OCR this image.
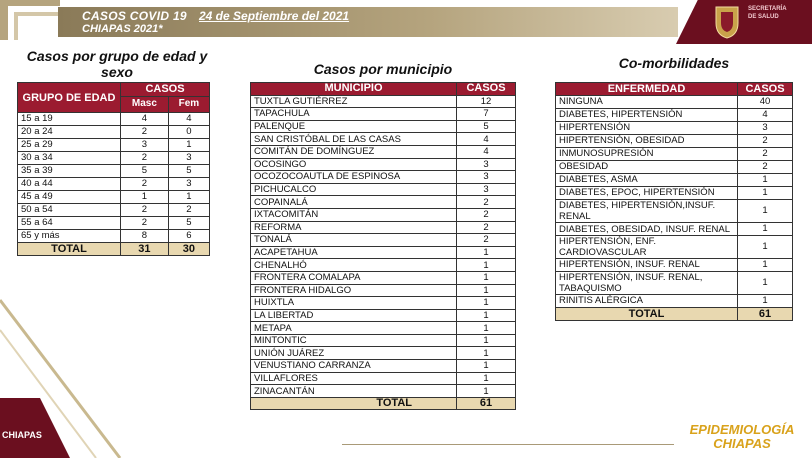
CASOS COVID 19 24 de Septiembre del 2021
CHIAPAS 2021*
SECRETARÍA
DE SALUD
Casos por grupo de edad y sexo	Casos por municipio	Co-morbilidades
GRUPO DE EDAD	CASOS	
	Masc	Fem
15 a 19	4	4
20 a 24	2	0
25 a 29	3	1
30 a 34	2	3
35 a 39	5	5
40 a 44	2	3
45 a 49	1	1
50 a 54	2	2
55 a 64	2	5
65 y más	8	6
TOTAL	31	30
MUNICIPIO	CASOS
TUXTLA GUTIÉRREZ	12
TAPACHULA	7
PALENQUE	5
SAN CRISTÓBAL DE LAS CASAS	4
COMITÁN DE DOMÍNGUEZ	4
OCOSINGO	3
OCOZOCOAUTLA DE ESPINOSA	3
PICHUCALCO	3
COPAINALÁ	2
IXTACOMITÁN	2
REFORMA	2
TONALÁ	2
ACAPETAHUA	1
CHENALHÓ	1
FRONTERA COMALAPA	1
FRONTERA HIDALGO	1
HUIXTLA	1
LA LIBERTAD	1
METAPA	1
MINTONTIC	1
UNIÓN JUÁREZ	1
VENUSTIANO CARRANZA	1
VILLAFLORES	1
ZINACANTÁN	1
TOTAL	61
ENFERMEDAD	CASOS
NINGUNA	40
DIABETES, HIPERTENSIÓN	4
HIPERTENSIÓN	3
HIPERTENSIÓN, OBESIDAD	2
INMUNOSUPRESIÓN	2
OBESIDAD	2
DIABETES, ASMA	1
DIABETES, EPOC, HIPERTENSIÓN	1
DIABETES, HIPERTENSIÓN,INSUF. RENAL	1
DIABETES, OBESIDAD, INSUF. RENAL	1
HIPERTENSIÓN, ENF. CARDIOVASCULAR	1
HIPERTENSIÓN, INSUF. RENAL	1
HIPERTENSIÓN, INSUF. RENAL, TABAQUISMO	1
RINITIS ALÉRGICA	1
TOTAL	61
CHIAPAS	EPIDEMIOLOGÍA
CHIAPAS
